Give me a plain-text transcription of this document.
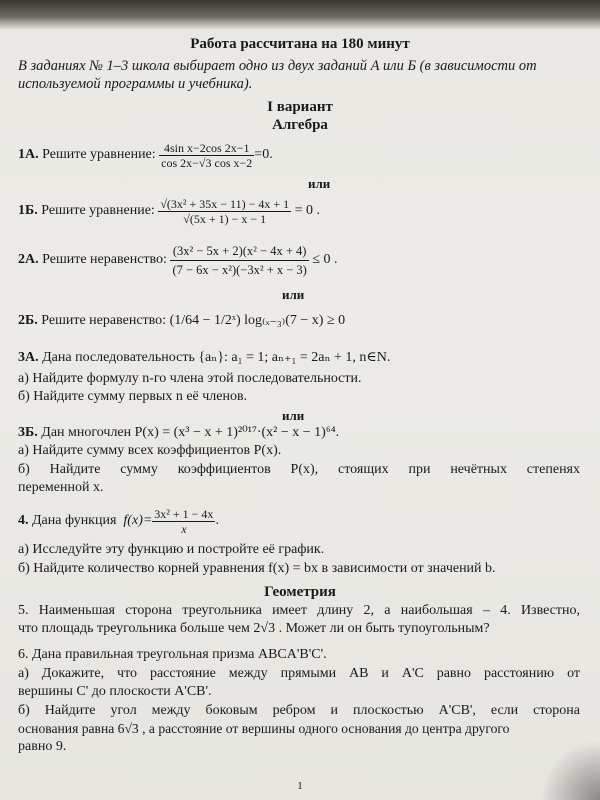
Работа рассчитана на 180 минут
В заданиях № 1–3 школа выбирает одно из двух заданий А или Б (в зависимости от
используемой программы и учебника).
I вариант
Алгебра
1А.
Решите уравнение:
$\frac{\text{4sin x−2cos 2x−1}}{\text{cos 2x−√3 cos x−2}} =0$.
или
1Б.
Решите уравнение:
$\frac{\text{√(3x² + 35x − 11) − 4x + 1}}{√(5x + 1) - x - 1}$
= 0 .
2А.
Решите неравенство:
$\frac{\text{(3x² − 5x + 2)(x² − 4x + 4)}}{\text{(7 − 6x − x²)(−3x² + x − 3)}}$
≤ 0 .
или
2Б.
Решите неравенство:
(1/64 − 1/2ˣ) log₍ₓ₋₃₎(7 − x) ≥ 0
3А. Дана последовательность {aₙ}: a₁ = 1; aₙ₊₁ = 2aₙ + 1, n∈N.
а) Найдите формулу n-го члена этой последовательности.
б) Найдите сумму первых n её членов.
или
3Б. Дан многочлен P(x) = (x³ − x + 1)²⁰¹⁷·(x² − x − 1)⁶⁴.
а) Найдите сумму всех коэффициентов P(x).
б) Найдите сумму коэффициентов P(x), стоящих при нечётных степенях
переменной x.
4.
Дана функция
$f(x)= \frac{\text{3x² + 1 − 4x}}{x}$ .
а) Исследуйте эту функцию и постройте её график.
б) Найдите количество корней уравнения f(x) = bx в зависимости от значений b.
Геометрия
5. Наименьшая сторона треугольника имеет длину 2, а наибольшая – 4. Известно,
что площадь треугольника больше чем 2√3 . Может ли он быть тупоугольным?
6. Дана правильная треугольная призма ABCA'B'C'.
а) Докажите, что расстояние между прямыми AB и A'C равно расстоянию от
вершины C' до плоскости A'CB'.
б) Найдите угол между боковым ребром и плоскостью A'CB', если сторона
основания равна 6√3 , а расстояние от вершины одного основания до центра другого
равно 9.
1
